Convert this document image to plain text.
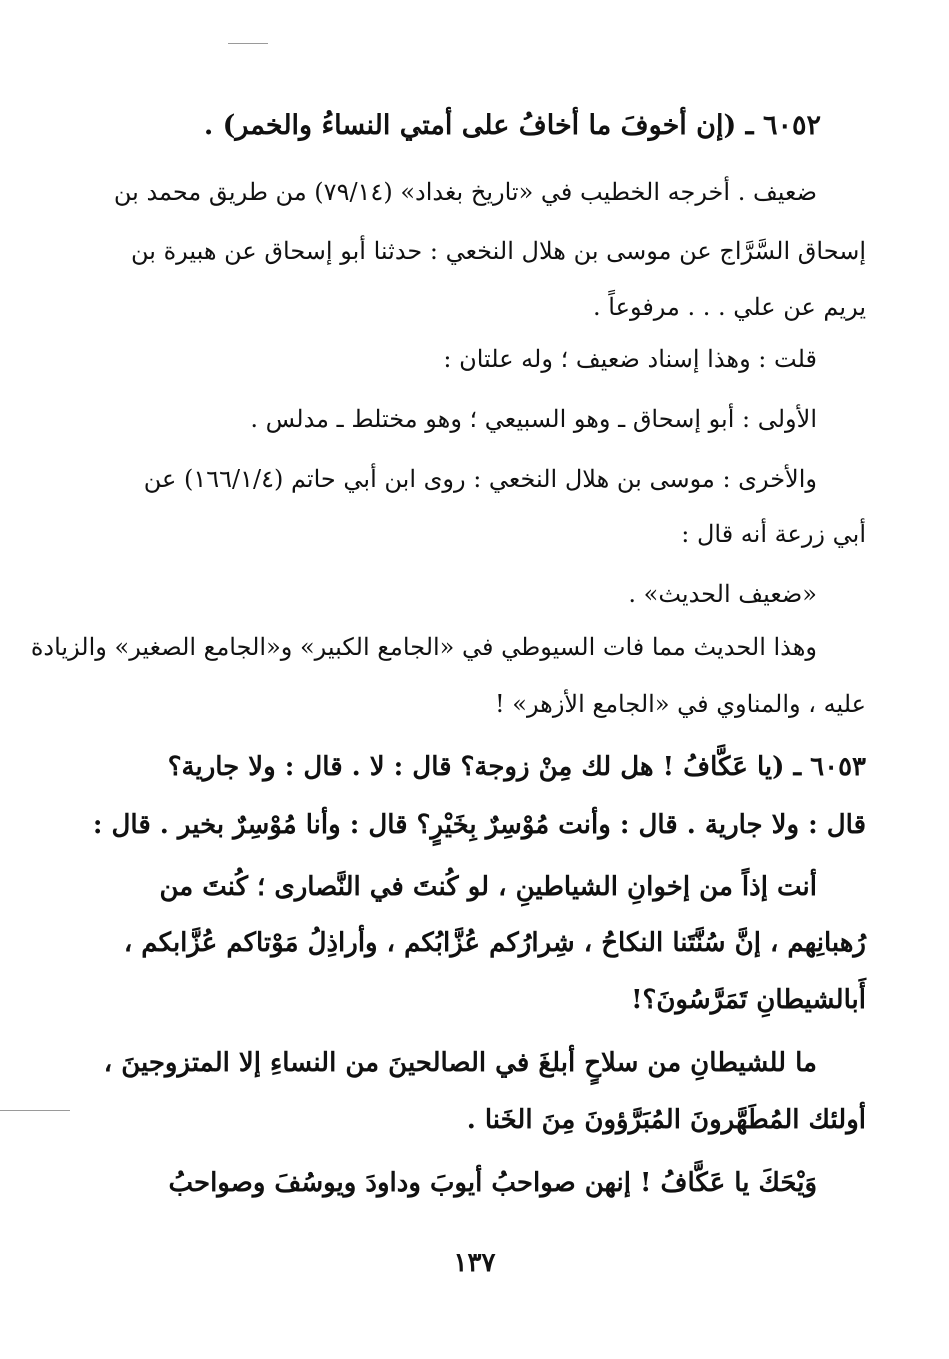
٦٠٥٢ ـ (إن أخوفَ ما أخافُ على أمتي النساءُ والخمر) .
ضعيف . أخرجه الخطيب في «تاريخ بغداد» (٧٩/١٤) من طريق محمد بن
إسحاق السَّرَّاج عن موسى بن هلال النخعي : حدثنا أبو إسحاق عن هبيرة بن
يريم عن علي . . . مرفوعاً .
قلت : وهذا إسناد ضعيف ؛ وله علتان :
الأولى : أبو إسحاق ـ وهو السبيعي ؛ وهو مختلط ـ مدلس .
والأخرى : موسى بن هلال النخعي : روى ابن أبي حاتم (١٦٦/١/٤) عن
أبي زرعة أنه قال :
«ضعيف الحديث» .
وهذا الحديث مما فات السيوطي في «الجامع الكبير» و«الجامع الصغير» والزيادة
عليه ، والمناوي في «الجامع الأزهر» !
٦٠٥٣ ـ (يا عَكَّافُ ! هل لك مِنْ زوجة؟ قال : لا . قال : ولا جارية؟
قال : ولا جارية . قال : وأنت مُوْسِرٌ بِخَيْرٍ؟ قال : وأنا مُوْسِرٌ بخير . قال :
أنت إذاً من إخوانِ الشياطينِ ، لو كُنتَ في النَّصارى ؛ كُنتَ من
رُهبانِهم ، إنَّ سُنَّتَنا النكاحُ ، شِرارُكم عُزَّابُكم ، وأراذِلُ مَوْتاكم عُزَّابكم ،
أَبالشيطانِ تَمَرَّسُونَ؟!
ما للشيطانِ من سلاحٍ أبلغَ في الصالحينَ من النساءِ إلا المتزوجينَ ،
أولئك المُطَهَّرونَ المُبَرَّؤونَ مِنَ الخَنا .
وَيْحَكَ يا عَكَّافُ ! إنهن صواحبُ أيوبَ وداودَ ويوسُفَ وصواحبُ
١٣٧
